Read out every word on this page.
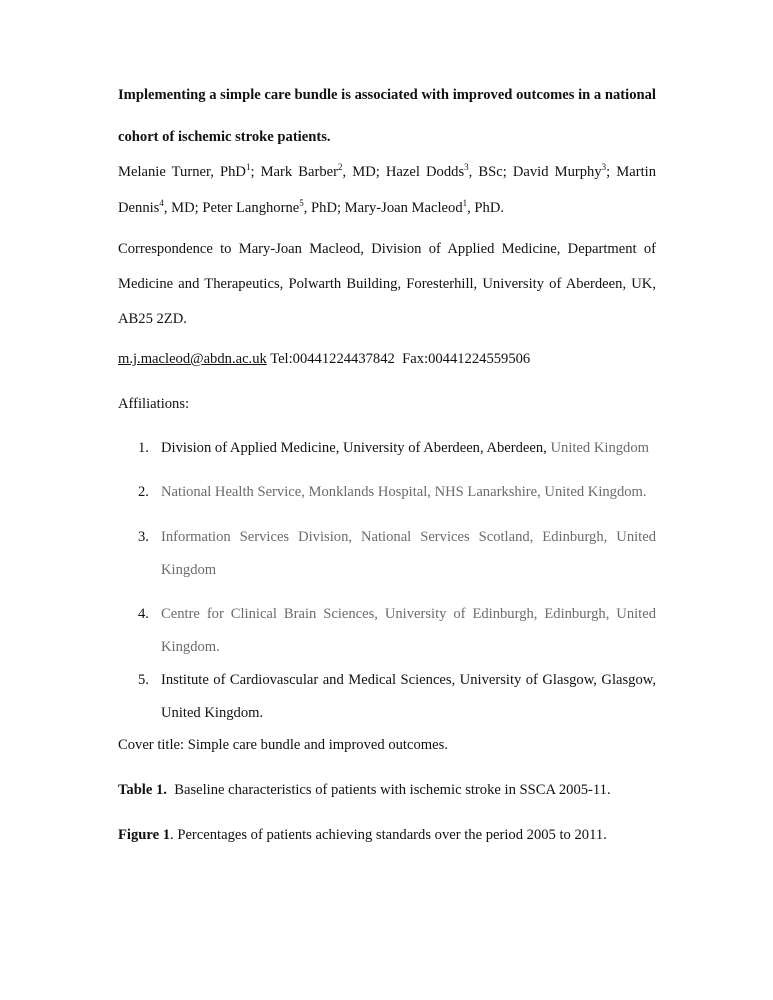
Implementing a simple care bundle is associated with improved outcomes in a national cohort of ischemic stroke patients.
Melanie Turner, PhD$^1$; Mark Barber$^2$, MD; Hazel Dodds$^3$, BSc; David Murphy$^3$; Martin Dennis$^4$, MD; Peter Langhorne$^5$, PhD; Mary-Joan Macleod$^1$, PhD.
Correspondence to Mary-Joan Macleod, Division of Applied Medicine, Department of Medicine and Therapeutics, Polwarth Building, Foresterhill, University of Aberdeen, UK, AB25 2ZD.
m.j.macleod@abdn.ac.uk Tel:00441224437842 Fax:00441224559506
Affiliations:
1. Division of Applied Medicine, University of Aberdeen, Aberdeen, United Kingdom
2. National Health Service, Monklands Hospital, NHS Lanarkshire, United Kingdom.
3. Information Services Division, National Services Scotland, Edinburgh, United Kingdom
4. Centre for Clinical Brain Sciences, University of Edinburgh, Edinburgh, United Kingdom.
5. Institute of Cardiovascular and Medical Sciences, University of Glasgow, Glasgow, United Kingdom.
Cover title: Simple care bundle and improved outcomes.
Table 1.  Baseline characteristics of patients with ischemic stroke in SSCA 2005-11.
Figure 1. Percentages of patients achieving standards over the period 2005 to 2011.
